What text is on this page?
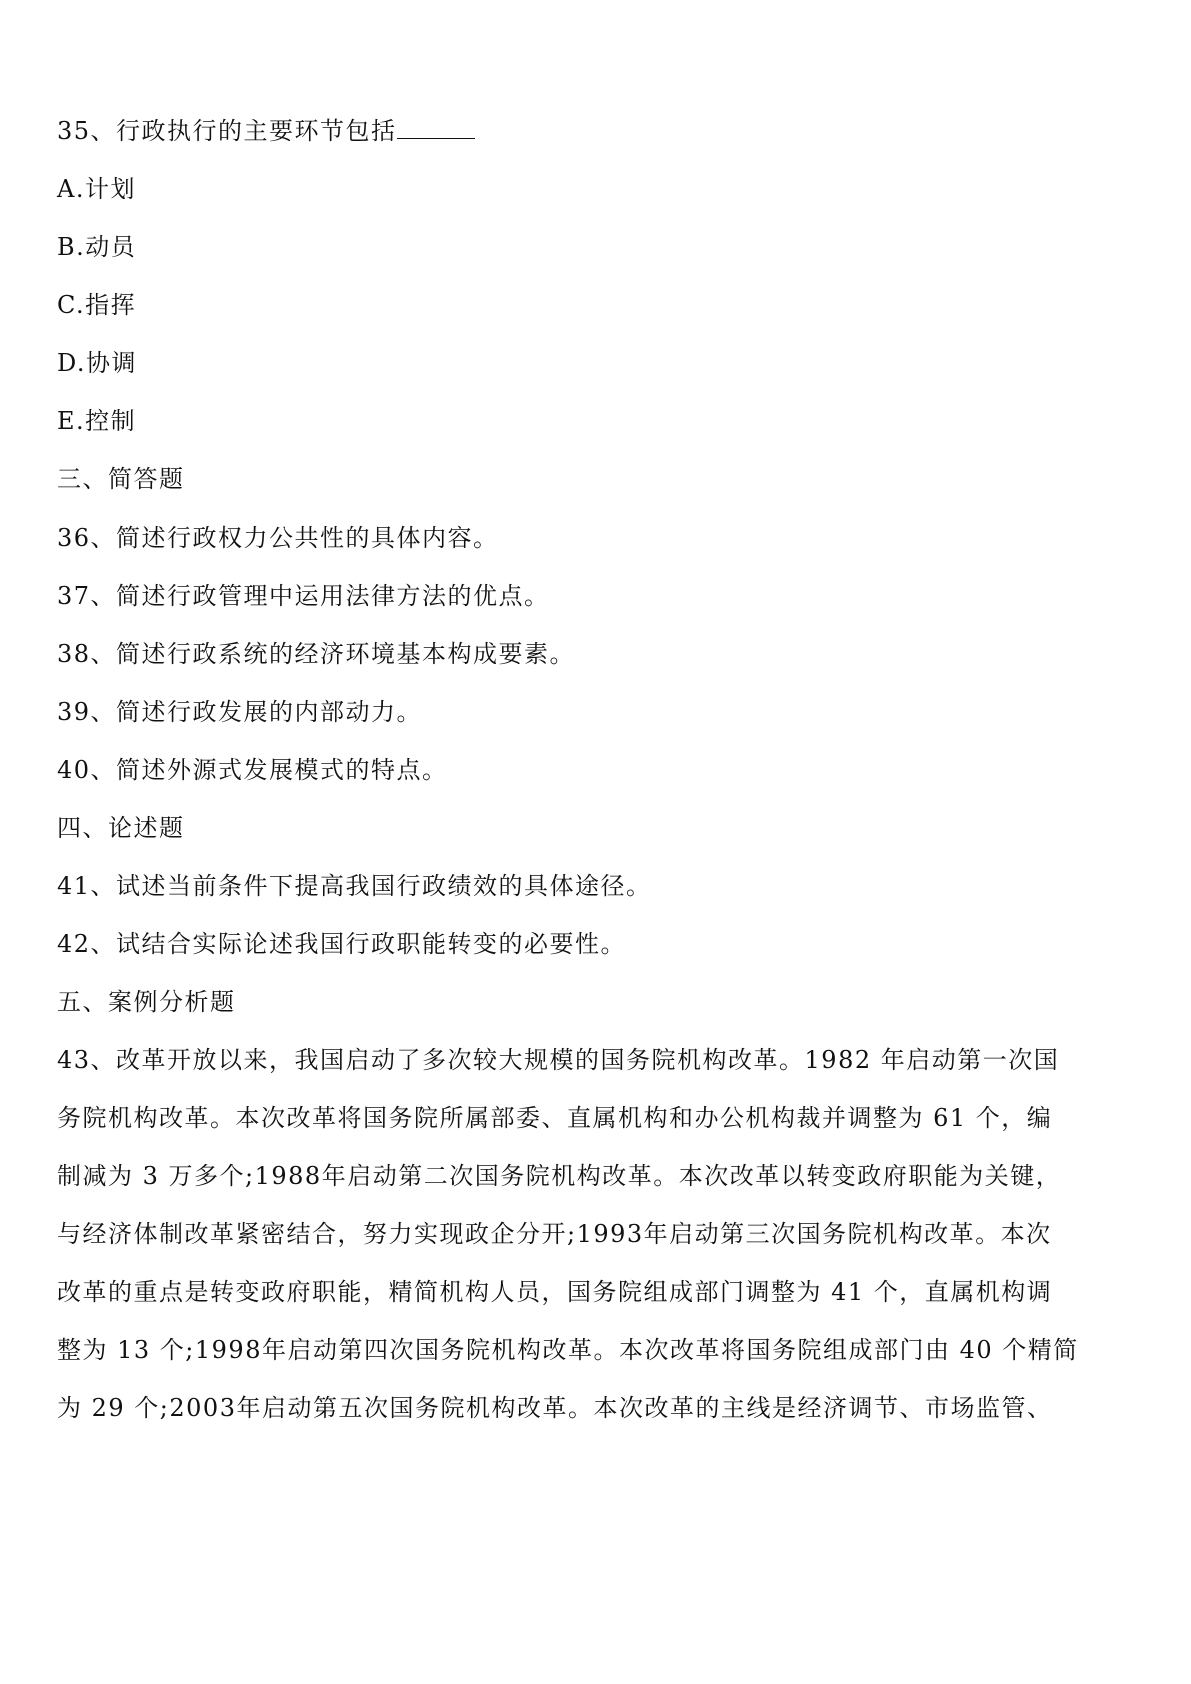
35、行政执行的主要环节包括
A.计划
B.动员
C.指挥
D.协调
E.控制
三、简答题
36、简述行政权力公共性的具体内容。
37、简述行政管理中运用法律方法的优点。
38、简述行政系统的经济环境基本构成要素。
39、简述行政发展的内部动力。
40、简述外源式发展模式的特点。
四、论述题
41、试述当前条件下提高我国行政绩效的具体途径。
42、试结合实际论述我国行政职能转变的必要性。
五、案例分析题
43、改革开放以来，我国启动了多次较大规模的国务院机构改革。1982 年启动第一次国
务院机构改革。本次改革将国务院所属部委、直属机构和办公机构裁并调整为 61 个，编
制减为 3 万多个;1988年启动第二次国务院机构改革。本次改革以转变政府职能为关键，
与经济体制改革紧密结合，努力实现政企分开;1993年启动第三次国务院机构改革。本次
改革的重点是转变政府职能，精简机构人员，国务院组成部门调整为 41 个，直属机构调
整为 13 个;1998年启动第四次国务院机构改革。本次改革将国务院组成部门由 40 个精简
为 29 个;2003年启动第五次国务院机构改革。本次改革的主线是经济调节、市场监管、
